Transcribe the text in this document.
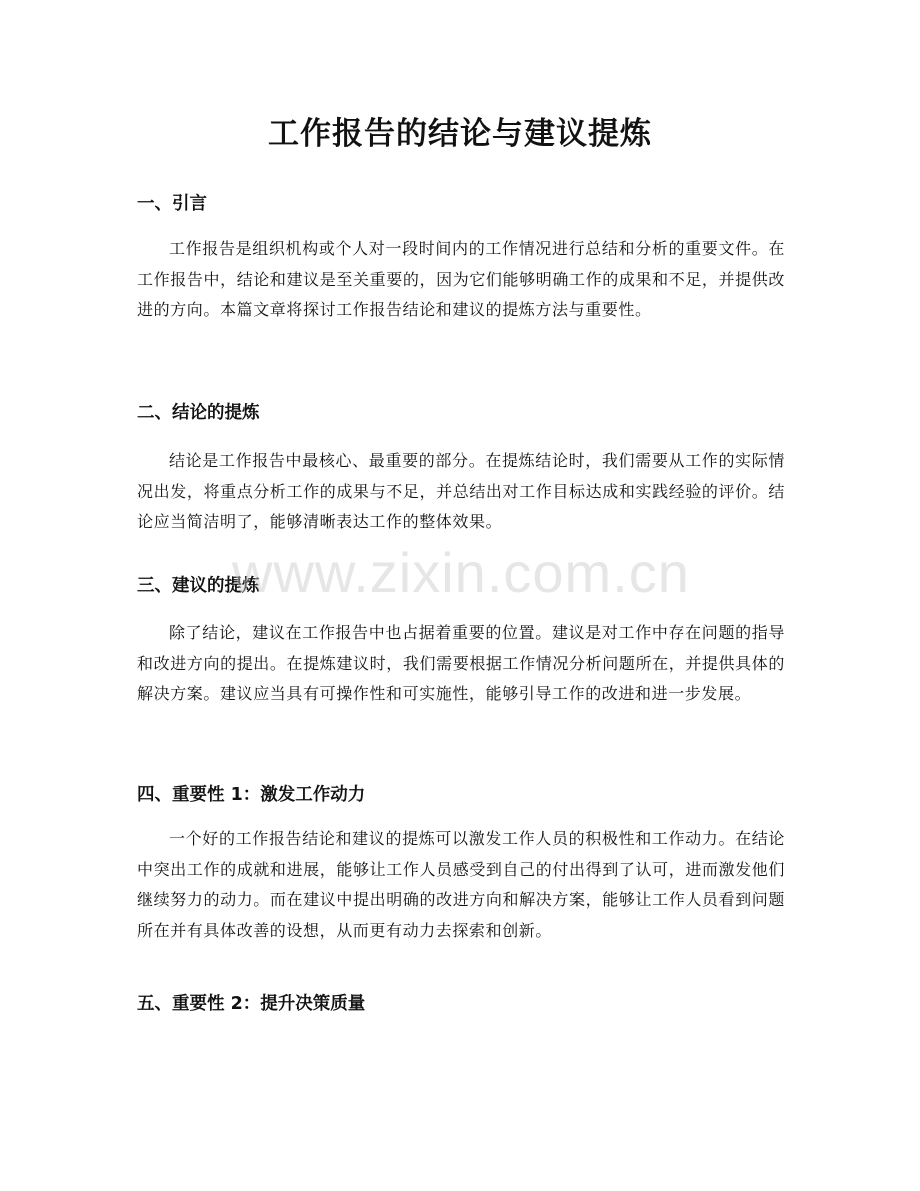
工作报告的结论与建议提炼
一、引言

工作报告是组织机构或个人对一段时间内的工作情况进行总结和分析的重要文件。在工作报告中，结论和建议是至关重要的，因为它们能够明确工作的成果和不足，并提供改进的方向。本篇文章将探讨工作报告结论和建议的提炼方法与重要性。

二、结论的提炼

结论是工作报告中最核心、最重要的部分。在提炼结论时，我们需要从工作的实际情况出发，将重点分析工作的成果与不足，并总结出对工作目标达成和实践经验的评价。结论应当简洁明了，能够清晰表达工作的整体效果。

三、建议的提炼

除了结论，建议在工作报告中也占据着重要的位置。建议是对工作中存在问题的指导和改进方向的提出。在提炼建议时，我们需要根据工作情况分析问题所在，并提供具体的解决方案。建议应当具有可操作性和可实施性，能够引导工作的改进和进一步发展。

四、重要性 1：激发工作动力

一个好的工作报告结论和建议的提炼可以激发工作人员的积极性和工作动力。在结论中突出工作的成就和进展，能够让工作人员感受到自己的付出得到了认可，进而激发他们继续努力的动力。而在建议中提出明确的改进方向和解决方案，能够让工作人员看到问题所在并有具体改善的设想，从而更有动力去探索和创新。

五、重要性 2：提升决策质量
www.zixin.com.cn
